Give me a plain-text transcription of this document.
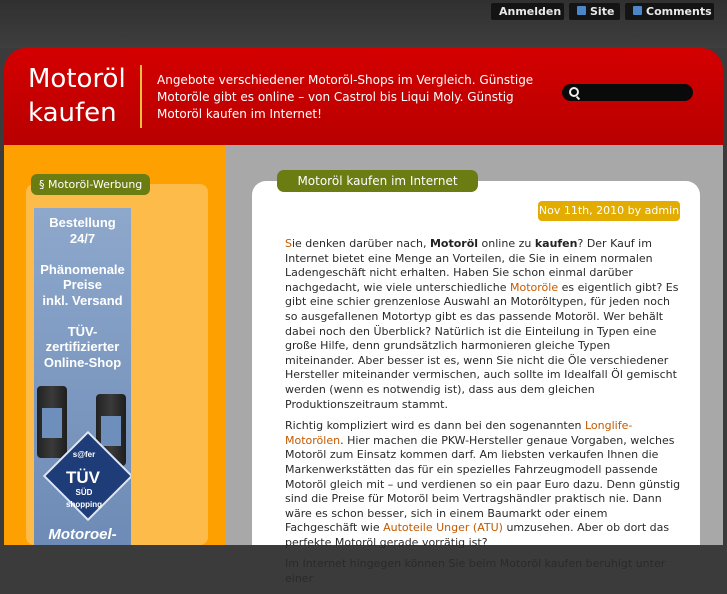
Anmelden	Site	Comments
Motoröl
kaufen
Angebote verschiedener Motoröl-Shops im Vergleich. Günstige Motoröle gibt es online – von Castrol bis Liqui Moly. Günstig Motoröl kaufen im Internet!
§ Motoröl-Werbung
Bestellung
24/7
Phänomenale
Preise
inkl. Versand
TÜV-
zertifizierter
Online-Shop
s@fer
TÜV
SÜD
shopping
Motoroel-
Motoröl kaufen im Internet
Nov 11th, 2010 by admin

Sie denken darüber nach, Motoröl online zu kaufen? Der Kauf im Internet bietet eine Menge an Vorteilen, die Sie in einem normalen Ladengeschäft nicht erhalten. Haben Sie schon einmal darüber nachgedacht, wie viele unterschiedliche Motoröle es eigentlich gibt? Es gibt eine schier grenzenlose Auswahl an Motoröltypen, für jeden noch so ausgefallenen Motortyp gibt es das passende Motoröl. Wer behält dabei noch den Überblick? Natürlich ist die Einteilung in Typen eine große Hilfe, denn grundsätzlich harmonieren gleiche Typen miteinander. Aber besser ist es, wenn Sie nicht die Öle verschiedener Hersteller miteinander vermischen, auch sollte im Idealfall Öl gemischt werden (wenn es notwendig ist), dass aus dem gleichen Produktionszeitraum stammt.

Richtig kompliziert wird es dann bei den sogenannten Longlife-Motorölen. Hier machen die PKW-Hersteller genaue Vorgaben, welches Motoröl zum Einsatz kommen darf. Am liebsten verkaufen Ihnen die Markenwerkstätten das für ein spezielles Fahrzeugmodell passende Motoröl gleich mit – und verdienen so ein paar Euro dazu. Denn günstig sind die Preise für Motoröl beim Vertragshändler praktisch nie. Dann wäre es schon besser, sich in einem Baumarkt oder einem Fachgeschäft wie Autoteile Unger (ATU) umzusehen. Aber ob dort das perfekte Motoröl gerade vorrätig ist?

Im Internet hingegen können Sie beim Motoröl kaufen beruhigt unter einer
